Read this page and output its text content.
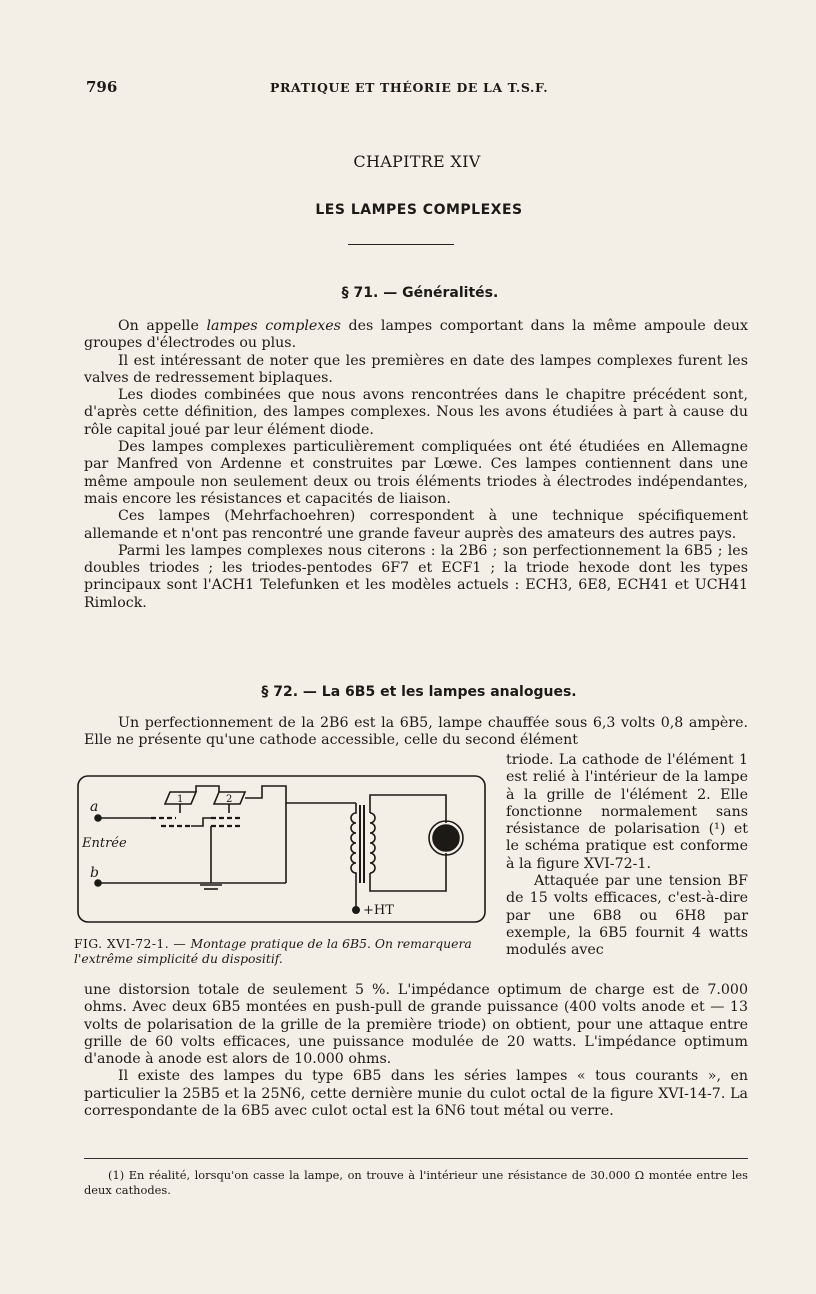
796	PRATIQUE ET THÉORIE DE LA T.S.F.
CHAPITRE XIV
LES LAMPES COMPLEXES
§ 71. — Généralités.

On appelle lampes complexes des lampes comportant dans la même ampoule deux groupes d'électrodes ou plus.

Il est intéressant de noter que les premières en date des lampes complexes furent les valves de redressement biplaques.

Les diodes combinées que nous avons rencontrées dans le chapitre précédent sont, d'après cette définition, des lampes complexes. Nous les avons étudiées à part à cause du rôle capital joué par leur élément diode.

Des lampes complexes particulièrement compliquées ont été étudiées en Allemagne par Manfred von Ardenne et construites par Lœwe. Ces lampes contiennent dans une même ampoule non seulement deux ou trois éléments triodes à électrodes indépendantes, mais encore les résistances et capacités de liaison.

Ces lampes (Mehrfachoehren) correspondent à une technique spécifiquement allemande et n'ont pas rencontré une grande faveur auprès des amateurs des autres pays.

Parmi les lampes complexes nous citerons : la 2B6 ; son perfectionnement la 6B5 ; les doubles triodes ; les triodes-pentodes 6F7 et ECF1 ; la triode hexode dont les types principaux sont l'ACH1 Telefunken et les modèles actuels : ECH3, 6E8, ECH41 et UCH41 Rimlock.

§ 72. — La 6B5 et les lampes analogues.

Un perfectionnement de la 2B6 est la 6B5, lampe chauffée sous 6,3 volts 0,8 ampère. Elle ne présente qu'une cathode accessible, celle du second élément

triode. La cathode de l'élément 1 est relié à l'intérieur de la lampe à la grille de l'élément 2. Elle fonctionne normalement sans résistance de polarisation (¹) et le schéma pratique est conforme à la figure XVI-72-1.

Attaquée par une tension BF de 15 volts efficaces, c'est-à-dire par une 6B8 ou 6H8 par exemple, la 6B5 fournit 4 watts modulés avec

a
Entrée
b
+HT
1	2
FIG. XVI-72-1. — Montage pratique de la 6B5. On remarquera l'extrême simplicité du dispositif.

une distorsion totale de seulement 5 %. L'impédance optimum de charge est de 7.000 ohms. Avec deux 6B5 montées en push-pull de grande puissance (400 volts anode et — 13 volts de polarisation de la grille de la première triode) on obtient, pour une attaque entre grille de 60 volts efficaces, une puissance modulée de 20 watts. L'impédance optimum d'anode à anode est alors de 10.000 ohms.

Il existe des lampes du type 6B5 dans les séries lampes « tous courants », en particulier la 25B5 et la 25N6, cette dernière munie du culot octal de la figure XVI-14-7. La correspondante de la 6B5 avec culot octal est la 6N6 tout métal ou verre.

(1) En réalité, lorsqu'on casse la lampe, on trouve à l'intérieur une résistance de 30.000 Ω montée entre les deux cathodes.
